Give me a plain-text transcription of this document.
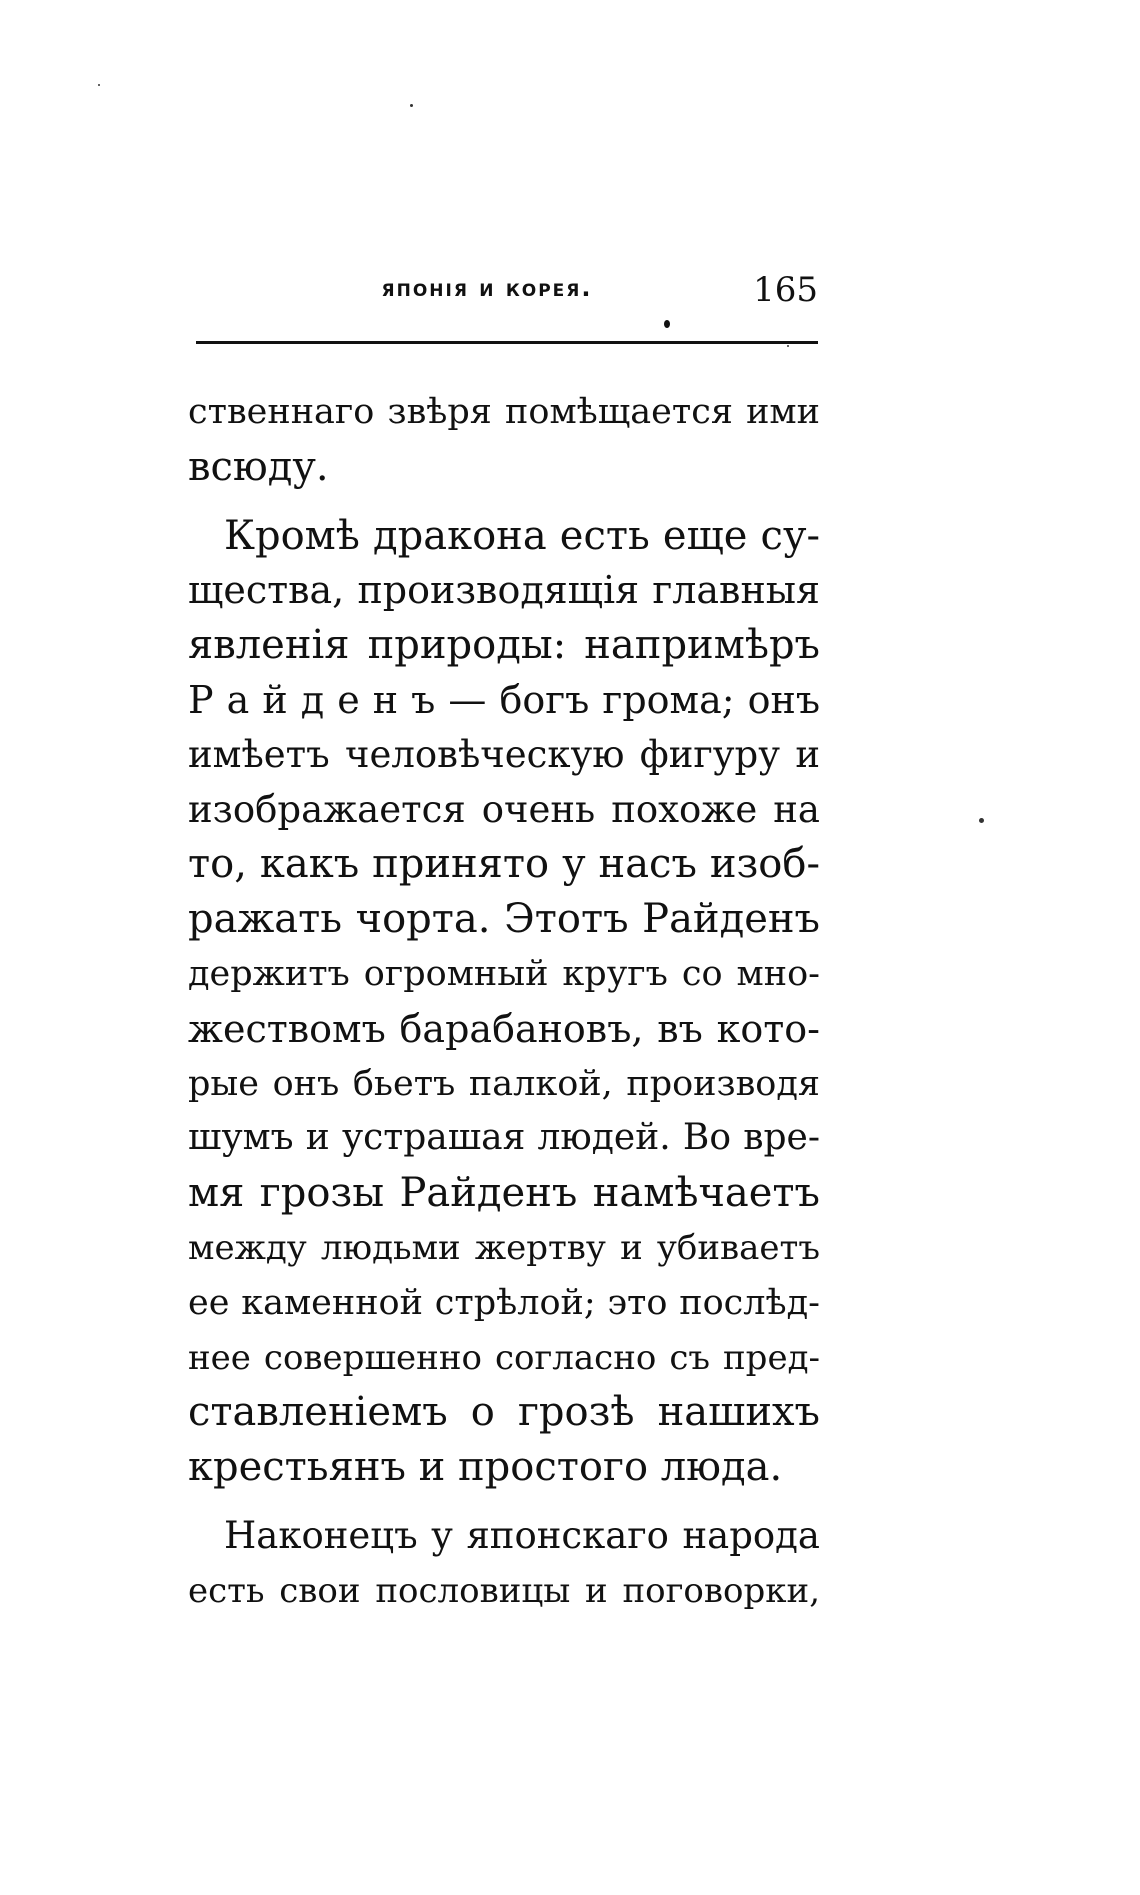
японія и корея.	165
ственнаго звѣря помѣщается ими
всюду.
Кромѣ дракона есть еще су-
щества, производящія главныя
явленія природы: напримѣръ
Р а й д е н ъ — богъ грома; онъ
имѣетъ человѣческую фигуру и
изображается очень похоже на
то, какъ принято у насъ изоб-
ражать чорта. Этотъ Райденъ
держитъ огромный кругъ со мно-
жествомъ барабановъ, въ кото-
рые онъ бьетъ палкой, производя
шумъ и устрашая людей. Во вре-
мя грозы Райденъ намѣчаетъ
между людьми жертву и убиваетъ
ее каменной стрѣлой; это послѣд-
нее совершенно согласно съ пред-
ставленіемъ о грозѣ нашихъ
крестьянъ и простого люда.
Наконецъ у японскаго народа
есть свои пословицы и поговорки,
